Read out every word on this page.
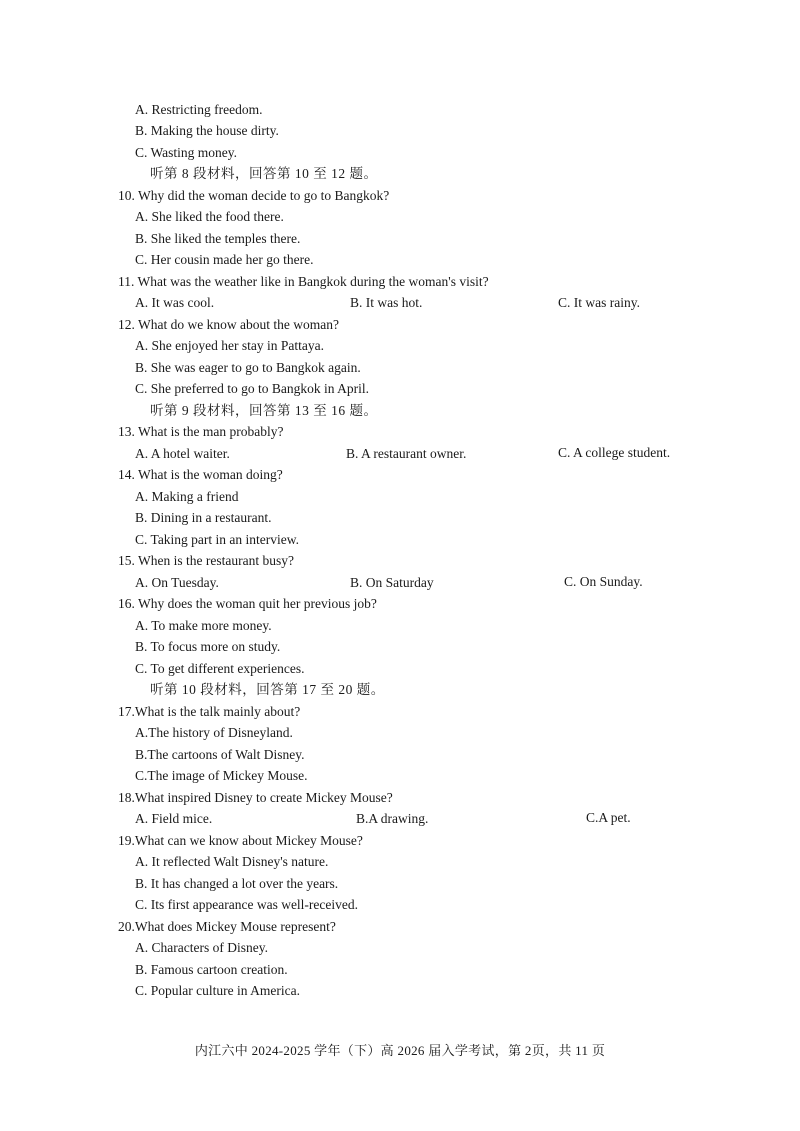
A. Restricting freedom.
B. Making the house dirty.
C. Wasting money.
听第 8 段材料，回答第 10 至 12 题。
10. Why did the woman decide to go to Bangkok?
A. She liked the food there.
B. She liked the temples there.
C. Her cousin made her go there.
11. What was the weather like in Bangkok during the woman's visit?
A. It was cool.	B. It was hot.	C. It was rainy.
12. What do we know about the woman?
A. She enjoyed her stay in Pattaya.
B. She was eager to go to Bangkok again.
C. She preferred to go to Bangkok in April.
听第 9 段材料，回答第 13 至 16 题。
13. What is the man probably?
A. A hotel waiter.	B. A restaurant owner.	C. A college student.
14. What is the woman doing?
A. Making a friend
B. Dining in a restaurant.
C. Taking part in an interview.
15. When is the restaurant busy?
A. On Tuesday.	B. On Saturday	C. On Sunday.
16. Why does the woman quit her previous job?
A. To make more money.
B. To focus more on study.
C. To get different experiences.
听第 10 段材料，回答第 17 至 20 题。
17.What is the talk mainly about?
A.The history of Disneyland.
B.The cartoons of Walt Disney.
C.The image of Mickey Mouse.
18.What inspired Disney to create Mickey Mouse?
A. Field mice.	B.A drawing.	C.A pet.
19.What can we know about Mickey Mouse?
A. It reflected Walt Disney's nature.
B. It has changed a lot over the years.
C. Its first appearance was well-received.
20.What does Mickey Mouse represent?
A. Characters of Disney.
B. Famous cartoon creation.
C. Popular culture in America.
内江六中 2024-2025 学年（下）高 2026 届入学考试，第 2页，共 11 页
